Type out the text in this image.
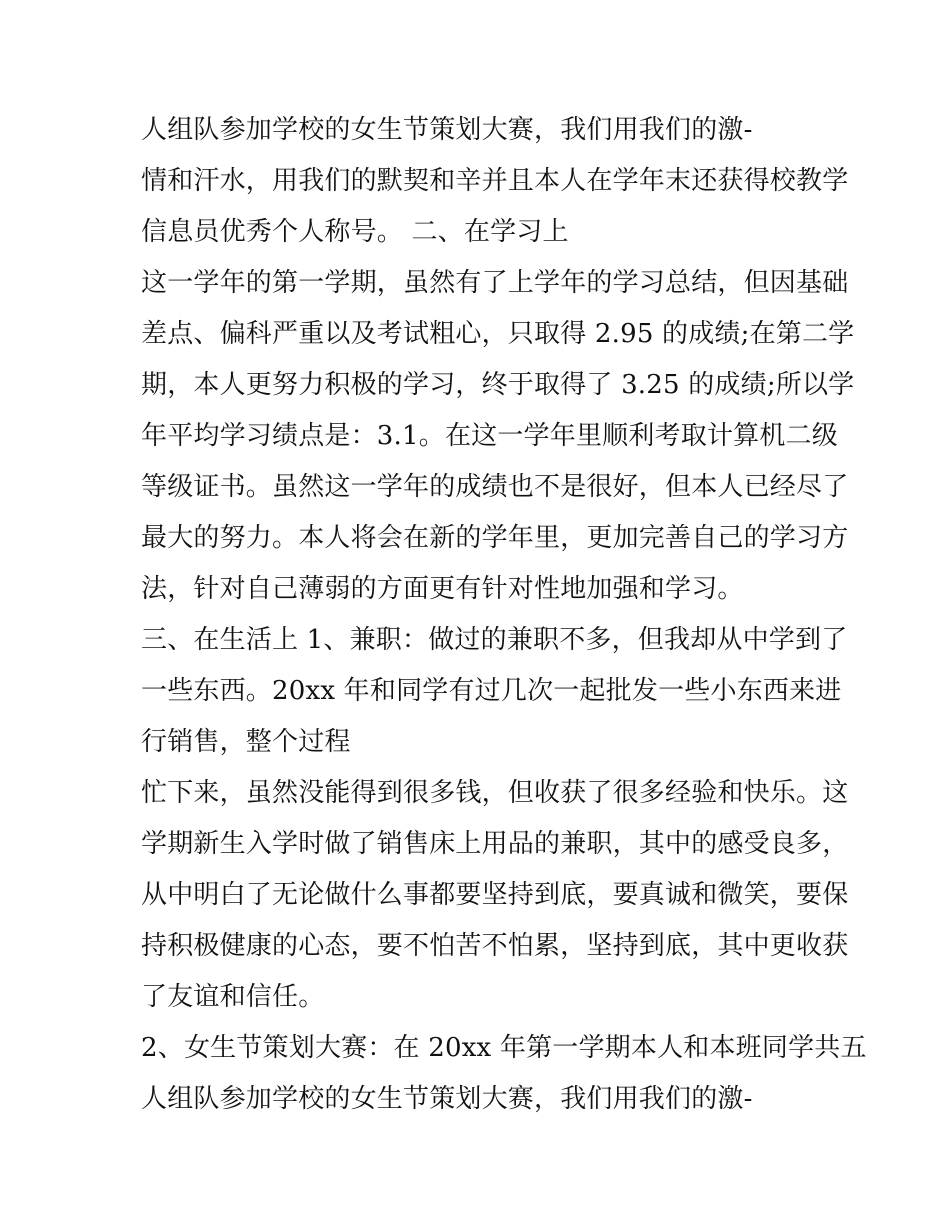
人组队参加学校的女生节策划大赛，我们用我们的激-
情和汗水，用我们的默契和辛并且本人在学年末还获得校教学
信息员优秀个人称号。 二、在学习上
这一学年的第一学期，虽然有了上学年的学习总结，但因基础
差点、偏科严重以及考试粗心，只取得 2.95 的成绩;在第二学
期，本人更努力积极的学习，终于取得了 3.25 的成绩;所以学
年平均学习绩点是：3.1。在这一学年里顺利考取计算机二级
等级证书。虽然这一学年的成绩也不是很好，但本人已经尽了
最大的努力。本人将会在新的学年里，更加完善自己的学习方
法，针对自己薄弱的方面更有针对性地加强和学习。
三、在生活上 1、兼职：做过的兼职不多，但我却从中学到了
一些东西。20xx 年和同学有过几次一起批发一些小东西来进
行销售，整个过程
忙下来，虽然没能得到很多钱，但收获了很多经验和快乐。这
学期新生入学时做了销售床上用品的兼职，其中的感受良多，
从中明白了无论做什么事都要坚持到底，要真诚和微笑，要保
持积极健康的心态，要不怕苦不怕累，坚持到底，其中更收获
了友谊和信任。
2、女生节策划大赛：在 20xx 年第一学期本人和本班同学共五
人组队参加学校的女生节策划大赛，我们用我们的激-
